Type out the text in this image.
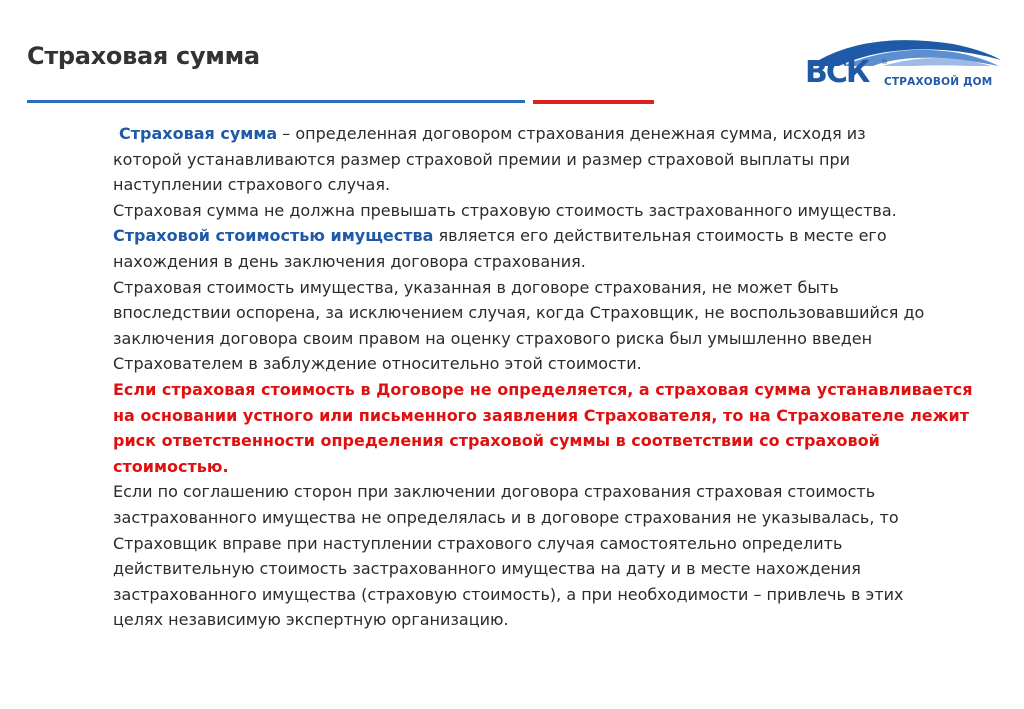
Страховая сумма	ВСК ®
СТРАХОВОЙ ДОМ

Страховая сумма – определенная договором страхования денежная сумма, исходя из

которой устанавливаются размер страховой премии и размер страховой выплаты при

наступлении страхового случая.

Страховая сумма не должна превышать страховую стоимость застрахованного имущества.

Страховой стоимостью имущества является его действительная стоимость в месте его

нахождения в день заключения договора страхования.

Страховая стоимость имущества, указанная в договоре страхования, не может быть

впоследствии оспорена, за исключением случая, когда Страховщик, не воспользовавшийся до

заключения договора своим правом на оценку страхового риска был умышленно введен

Страхователем в заблуждение относительно этой стоимости.

Если страховая стоимость в Договоре не определяется, а страховая сумма устанавливается

на основании устного или письменного заявления Страхователя, то на Страхователе лежит

риск ответственности определения страховой суммы в соответствии со страховой

стоимостью.

Если по соглашению сторон при заключении договора страхования страховая стоимость

застрахованного имущества не определялась и в договоре страхования не указывалась, то

Страховщик вправе при наступлении страхового случая самостоятельно определить

действительную стоимость застрахованного имущества на дату и в месте нахождения

застрахованного имущества (страховую стоимость), а при необходимости – привлечь в этих

целях независимую экспертную организацию.
